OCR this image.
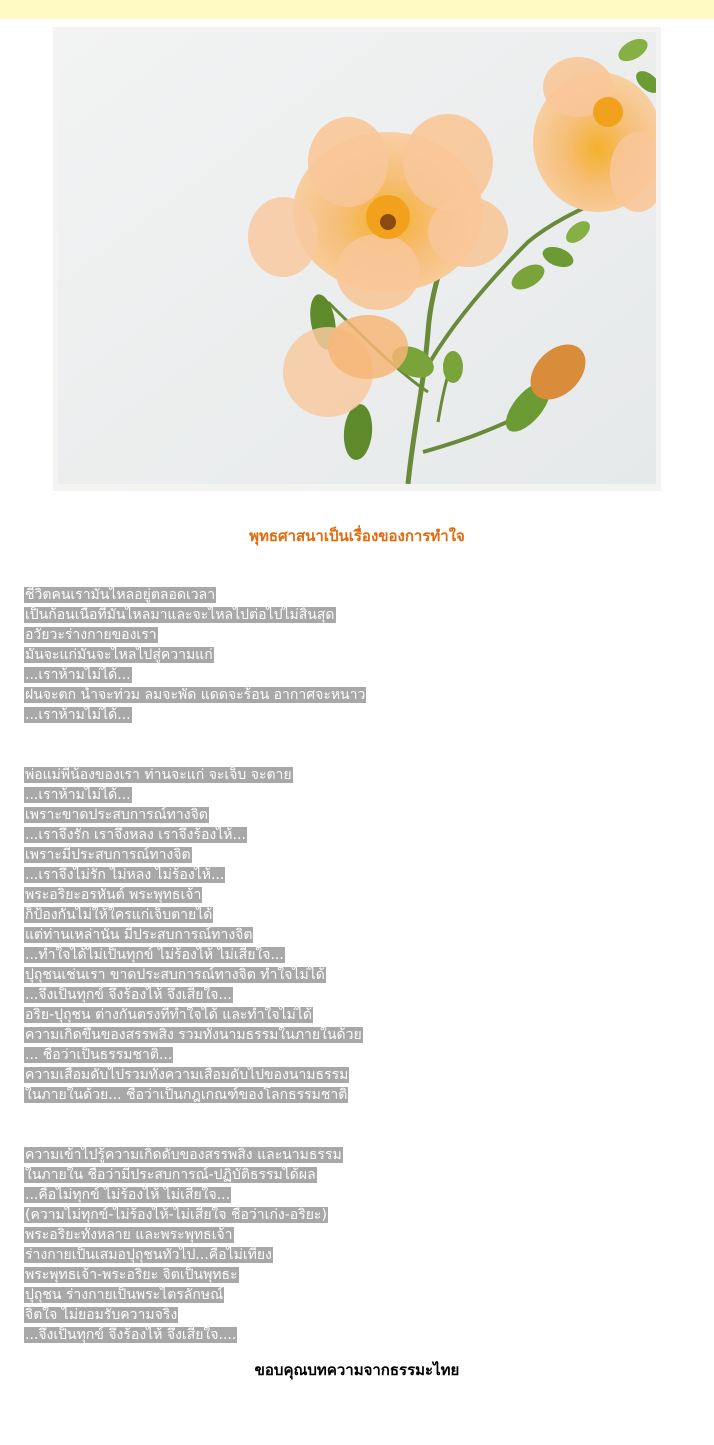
พุทธศาสนาเป็นเรื่องของการทำใจ
ชีวิตคนเรามันไหลอยู่ตลอดเวลา
เป็นก้อนเนื้อที่มันไหลมาและจะไหลไปต่อไปไม่สิ้นสุด
อวัยวะร่างกายของเรา
มันจะแก่มันจะไหลไปสู่ความแก่
...เราห้ามไม่ได้...
ฝนจะตก น้ำจะท่วม ลมจะพัด แดดจะร้อน อากาศจะหนาว
...เราห้ามไม่ได้...
พ่อแม่พี่น้องของเรา ท่านจะแก่ จะเจ็บ จะตาย
...เราห้ามไม่ได้...
เพราะขาดประสบการณ์ทางจิต
...เราจึงรัก เราจึงหลง เราจึงร้องไห้...
เพราะมีประสบการณ์ทางจิต
...เราจึงไม่รัก ไม่หลง ไม่ร้องไห้...
พระอริยะอรหันต์ พระพุทธเจ้า
ก็ป้องกันไม่ให้ใครแก่เจ็บตายได้
แต่ท่านเหล่านั้น มีประสบการณ์ทางจิต
...ทำใจได้ไม่เป็นทุกข์ ไม่ร้องไห้ ไม่เสียใจ...
ปุถุชนเช่นเรา ขาดประสบการณ์ทางจิต ทำใจไม่ได้
...จึงเป็นทุกข์ จึงร้องไห้ จึงเสียใจ...
อริย-ปุถุชน ต่างกันตรงที่ทำใจได้ และทำใจไม่ได้
ความเกิดขึ้นของสรรพสิ่ง รวมทั้งนามธรรมในภายในด้วย
... ชื่อว่าเป็นธรรมชาติ...
ความเสื่อมดับไปรวมทั้งความเสื่อมดับไปของนามธรรม
ในภายในด้วย... ชื่อว่าเป็นกฎเกณฑ์ของโลกธรรมชาติ
ความเข้าไปรู้ความเกิดดับของสรรพสิ่ง และนามธรรม
ในภายใน ชื่อว่ามีประสบการณ์-ปฏิบัติธรรมได้ผล
...คือไม่ทุกข์ ไม่ร้องไห้ ไม่เสียใจ...
(ความไม่ทุกข์-ไม่ร้องไห้-ไม่เสียใจ ชื่อว่าเก่ง-อริยะ)
พระอริยะทั้งหลาย และพระพุทธเจ้า
ร่างกายเป็นเสมอปุถุชนทั่วไป...คือไม่เที่ยง
พระพุทธเจ้า-พระอริยะ จิตเป็นพุทธะ
ปุถุชน ร่างกายเป็นพระไตรลักษณ์
จิตใจ ไม่ยอมรับความจริง
...จึงเป็นทุกข์ จึงร้องไห้ จึงเสียใจ....
ขอบคุณบทความจากธรรมะไทย
